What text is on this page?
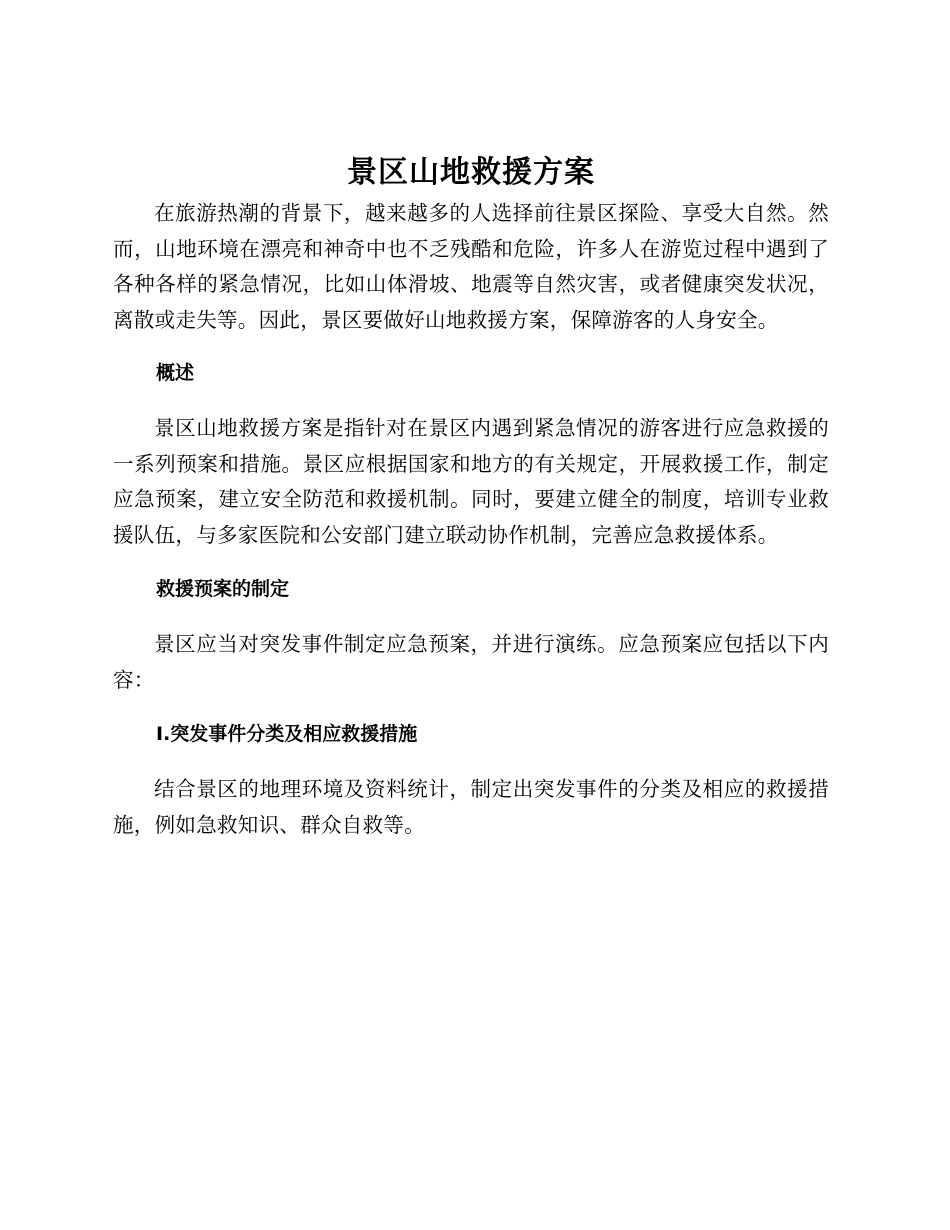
景区山地救援方案

在旅游热潮的背景下，越来越多的人选择前往景区探险、享受大自然。然而，山地环境在漂亮和神奇中也不乏残酷和危险，许多人在游览过程中遇到了各种各样的紧急情况，比如山体滑坡、地震等自然灾害，或者健康突发状况，离散或走失等。因此，景区要做好山地救援方案，保障游客的人身安全。

概述

景区山地救援方案是指针对在景区内遇到紧急情况的游客进行应急救援的一系列预案和措施。景区应根据国家和地方的有关规定，开展救援工作，制定应急预案，建立安全防范和救援机制。同时，要建立健全的制度，培训专业救援队伍，与多家医院和公安部门建立联动协作机制，完善应急救援体系。

救援预案的制定

景区应当对突发事件制定应急预案，并进行演练。应急预案应包括以下内容：

I.突发事件分类及相应救援措施

结合景区的地理环境及资料统计，制定出突发事件的分类及相应的救援措施，例如急救知识、群众自救等。
